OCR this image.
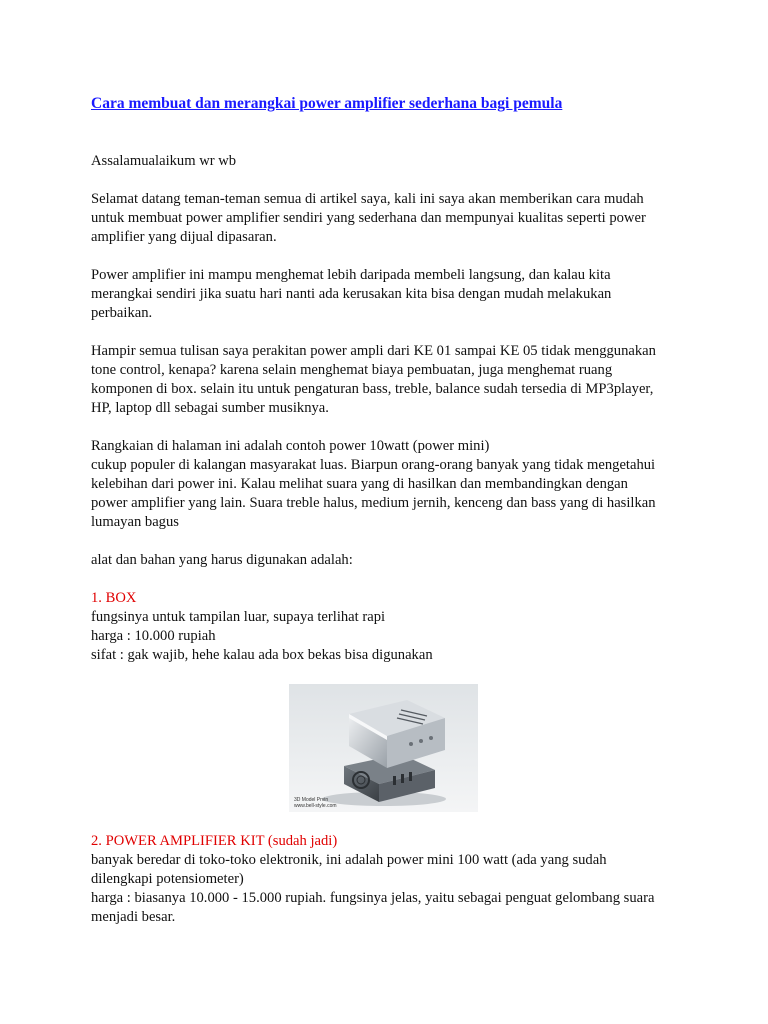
Cara membuat dan merangkai power amplifier sederhana bagi pemula

Assalamualaikum wr wb

Selamat datang teman-teman semua di artikel saya, kali ini saya akan memberikan cara mudah
untuk membuat power amplifier sendiri yang sederhana dan mempunyai kualitas seperti power
amplifier yang dijual dipasaran.

Power amplifier ini mampu menghemat lebih daripada membeli langsung, dan kalau kita
merangkai sendiri jika suatu hari nanti ada kerusakan kita bisa dengan mudah melakukan
perbaikan.

Hampir semua tulisan saya perakitan power ampli dari KE 01 sampai KE 05 tidak menggunakan
tone control, kenapa? karena selain menghemat biaya pembuatan, juga menghemat ruang
komponen di box. selain itu untuk pengaturan bass, treble, balance sudah tersedia di MP3player,
HP, laptop dll sebagai sumber musiknya.

Rangkaian di halaman ini adalah contoh power 10watt (power mini)
cukup populer di kalangan masyarakat luas. Biarpun orang-orang banyak yang tidak mengetahui
kelebihan dari power ini. Kalau melihat suara yang di hasilkan dan membandingkan dengan
power amplifier yang lain. Suara treble halus, medium jernih, kenceng dan bass yang di hasilkan
lumayan bagus

alat dan bahan yang harus digunakan adalah:

1. BOX
fungsinya untuk tampilan luar, supaya terlihat rapi
harga : 10.000 rupiah
sifat : gak wajib, hehe kalau ada box bekas bisa digunakan

3D Model Prvin
www.bell-style.com

2. POWER AMPLIFIER KIT (sudah jadi)
banyak beredar di toko-toko elektronik, ini adalah power mini 100 watt (ada yang sudah
dilengkapi potensiometer)
harga : biasanya 10.000 - 15.000 rupiah. fungsinya jelas, yaitu sebagai penguat gelombang suara
menjadi besar.
